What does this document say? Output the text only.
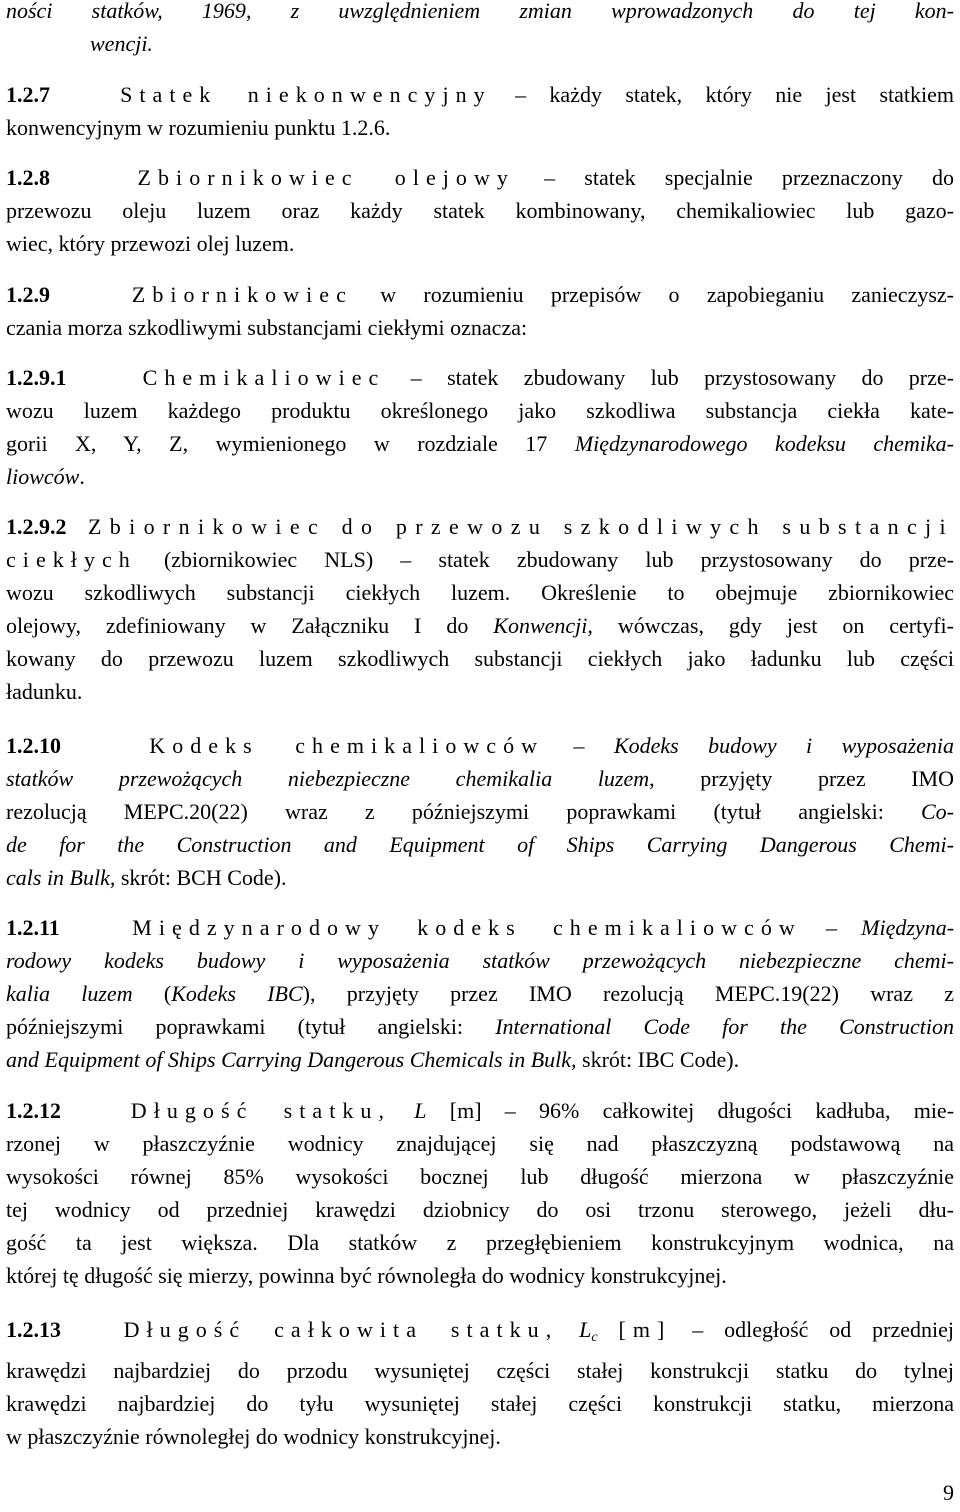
ności statków, 1969, z uwzględnieniem zmian wprowadzonych do tej kon-
wencji.
1.2.7	Statek niekonwencyjny – każdy statek, który nie jest statkiem
konwencyjnym w rozumieniu punktu 1.2.6.
1.2.8	Zbiornikowiec olejowy – statek specjalnie przeznaczony do
przewozu oleju luzem oraz każdy statek kombinowany, chemikaliowiec lub gazo-
wiec, który przewozi olej luzem.
1.2.9	Zbiornikowiec w rozumieniu przepisów o zapobieganiu zanieczysz-
czania morza szkodliwymi substancjami ciekłymi oznacza:
1.2.9.1	Chemikaliowiec – statek zbudowany lub przystosowany do prze-
wozu luzem każdego produktu określonego jako szkodliwa substancja ciekła kate-
gorii X, Y, Z, wymienionego w rozdziale 17 Międzynarodowego kodeksu chemika-
liowców.
1.2.9.2 Zbiornikowiec do przewozu szkodliwych substancji
ciekłych (zbiornikowiec NLS) – statek zbudowany lub przystosowany do prze-
wozu szkodliwych substancji ciekłych luzem. Określenie to obejmuje zbiornikowiec
olejowy, zdefiniowany w Załączniku I do Konwencji, wówczas, gdy jest on certyfi-
kowany do przewozu luzem szkodliwych substancji ciekłych jako ładunku lub części
ładunku.
1.2.10	Kodeks chemikaliowców – Kodeks budowy i wyposażenia
statków przewożących niebezpieczne chemikalia luzem, przyjęty przez IMO
rezolucją MEPC.20(22) wraz z późniejszymi poprawkami (tytuł angielski: Co-
de for the Construction and Equipment of Ships Carrying Dangerous Chemi-
cals in Bulk, skrót: BCH Code).
1.2.11	Międzynarodowy kodeks chemikaliowców – Międzyna-
rodowy kodeks budowy i wyposażenia statków przewożących niebezpieczne chemi-
kalia luzem (Kodeks IBC), przyjęty przez IMO rezolucją MEPC.19(22) wraz z
późniejszymi poprawkami (tytuł angielski: International Code for the Construction
and Equipment of Ships Carrying Dangerous Chemicals in Bulk, skrót: IBC Code).
1.2.12	Długość statku, L [m] – 96% całkowitej długości kadłuba, mie-
rzonej w płaszczyźnie wodnicy znajdującej się nad płaszczyzną podstawową na
wysokości równej 85% wysokości bocznej lub długość mierzona w płaszczyźnie
tej wodnicy od przedniej krawędzi dziobnicy do osi trzonu sterowego, jeżeli dłu-
gość ta jest większa. Dla statków z przegłębieniem konstrukcyjnym wodnica, na
której tę długość się mierzy, powinna być równoległa do wodnicy konstrukcyjnej.
1.2.13	Długość całkowita statku, $L_c$ [m] – odległość od przedniej
krawędzi najbardziej do przodu wysuniętej części stałej konstrukcji statku do tylnej
krawędzi najbardziej do tyłu wysuniętej stałej części konstrukcji statku, mierzona
w płaszczyźnie równoległej do wodnicy konstrukcyjnej.
9
